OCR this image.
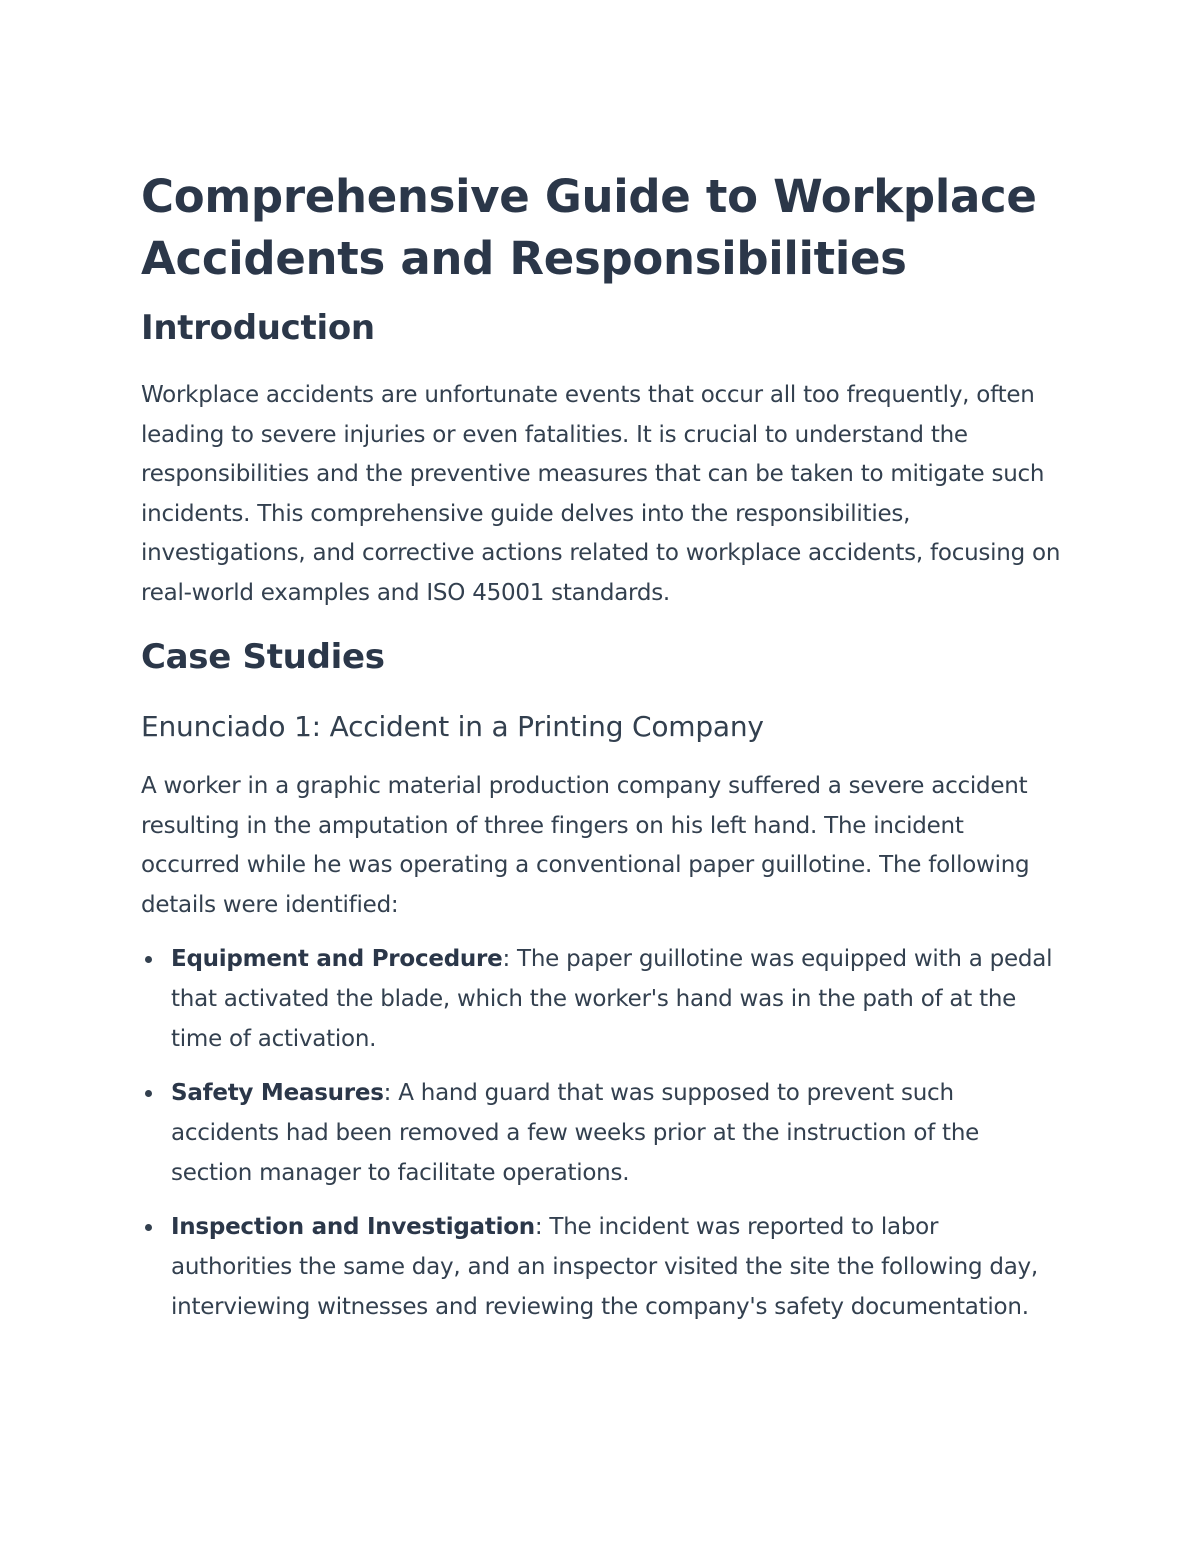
Comprehensive Guide to Workplace Accidents and Responsibilities
Introduction

Workplace accidents are unfortunate events that occur all too frequently, often leading to severe injuries or even fatalities. It is crucial to understand the responsibilities and the preventive measures that can be taken to mitigate such incidents. This comprehensive guide delves into the responsibilities, investigations, and corrective actions related to workplace accidents, focusing on real-world examples and ISO 45001 standards.

Case Studies
Enunciado 1: Accident in a Printing Company

A worker in a graphic material production company suffered a severe accident resulting in the amputation of three fingers on his left hand. The incident occurred while he was operating a conventional paper guillotine. The following details were identified:

Equipment and Procedure: The paper guillotine was equipped with a pedal that activated the blade, which the worker's hand was in the path of at the time of activation.
Safety Measures: A hand guard that was supposed to prevent such accidents had been removed a few weeks prior at the instruction of the section manager to facilitate operations.
Inspection and Investigation: The incident was reported to labor authorities the same day, and an inspector visited the site the following day, interviewing witnesses and reviewing the company's safety documentation.
